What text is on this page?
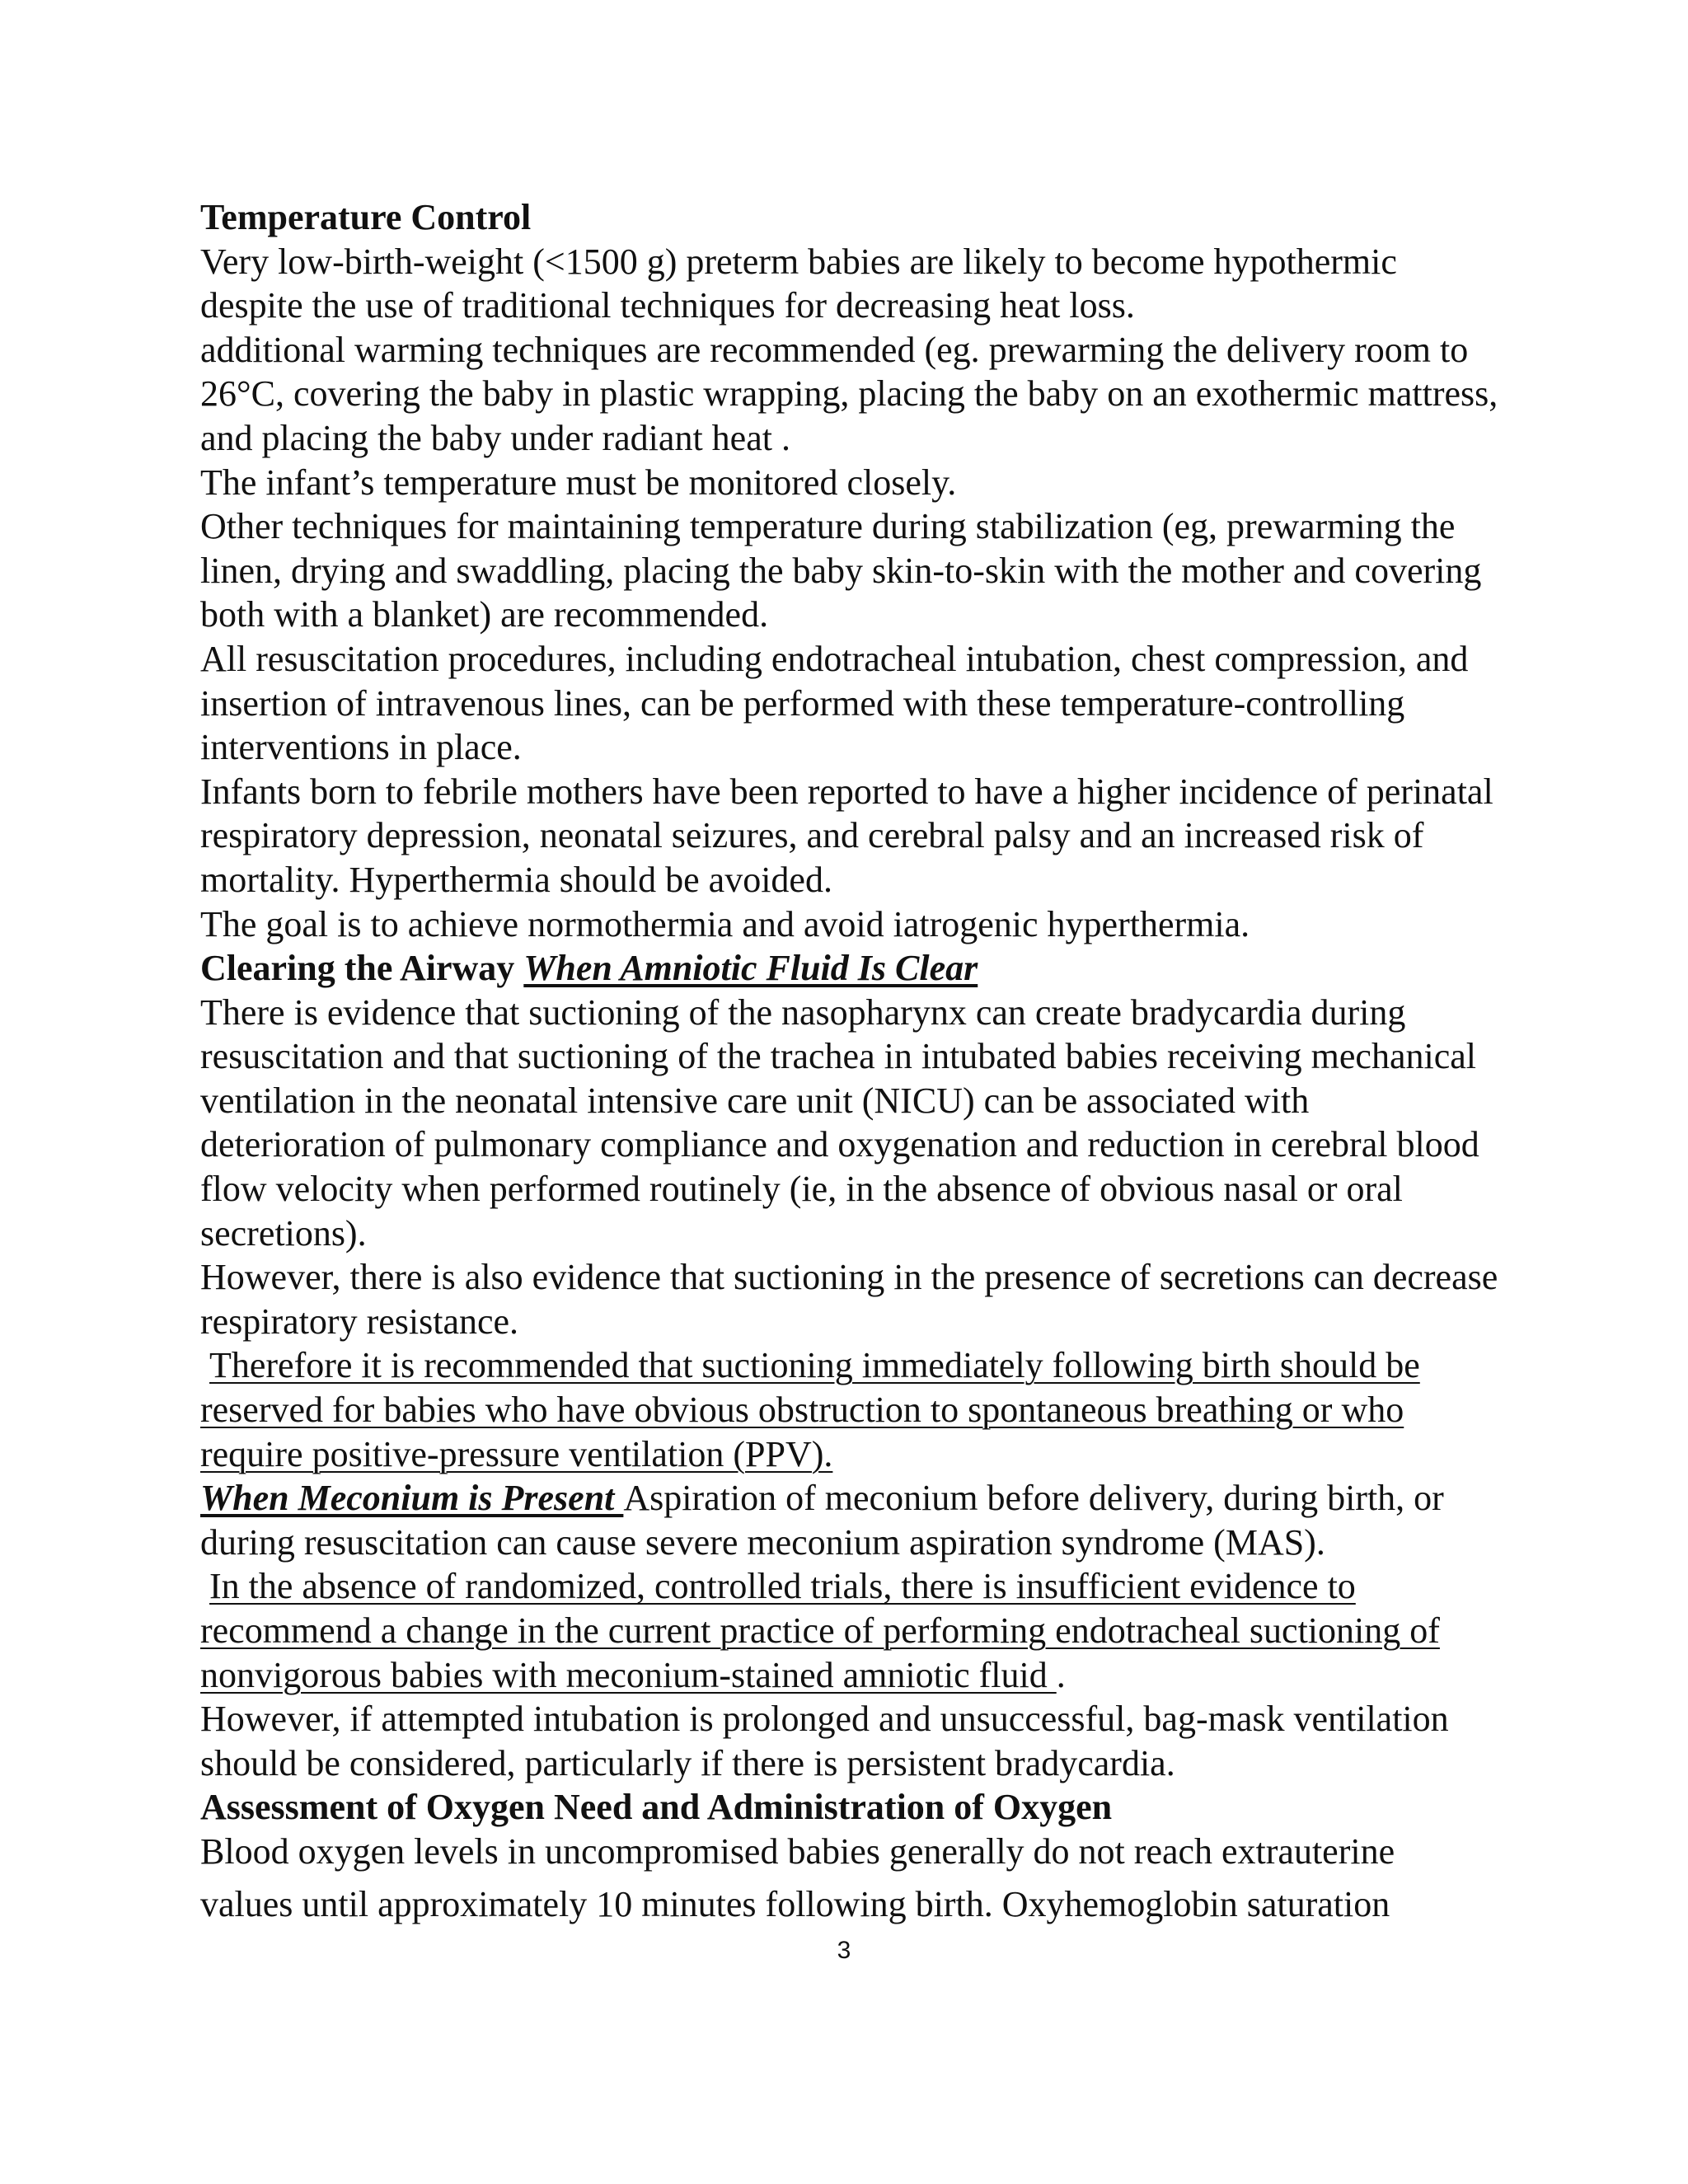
Temperature Control

Very low-birth-weight (<1500 g) preterm babies are likely to become hypothermic despite the use of traditional techniques for decreasing heat loss.

additional warming techniques are recommended (eg. prewarming the delivery room to 26°C, covering the baby in plastic wrapping, placing the baby on an exothermic mattress, and placing the baby under radiant heat .

The infant’s temperature must be monitored closely.

Other techniques for maintaining temperature during stabilization (eg, prewarming the linen, drying and swaddling, placing the baby skin-to-skin with the mother and covering both with a blanket) are recommended.

All resuscitation procedures, including endotracheal intubation, chest compression, and insertion of intravenous lines, can be performed with these temperature-controlling interventions in place.

Infants born to febrile mothers have been reported to have a higher incidence of perinatal respiratory depression, neonatal seizures, and cerebral palsy and an increased risk of mortality. Hyperthermia should be avoided.

The goal is to achieve normothermia and avoid iatrogenic hyperthermia.

Clearing the Airway When Amniotic Fluid Is Clear

There is evidence that suctioning of the nasopharynx can create bradycardia during resuscitation and that suctioning of the trachea in intubated babies receiving mechanical ventilation in the neonatal intensive care unit (NICU) can be associated with deterioration of pulmonary compliance and oxygenation and reduction in cerebral blood flow velocity when performed routinely (ie, in the absence of obvious nasal or oral secretions).

However, there is also evidence that suctioning in the presence of secretions can decrease respiratory resistance.

Therefore it is recommended that suctioning immediately following birth should be reserved for babies who have obvious obstruction to spontaneous breathing or who require positive-pressure ventilation (PPV).

When Meconium is Present Aspiration of meconium before delivery, during birth, or during resuscitation can cause severe meconium aspiration syndrome (MAS).

In the absence of randomized, controlled trials, there is insufficient evidence to recommend a change in the current practice of performing endotracheal suctioning of nonvigorous babies with meconium-stained amniotic fluid .

However, if attempted intubation is prolonged and unsuccessful, bag-mask ventilation should be considered, particularly if there is persistent bradycardia.

Assessment of Oxygen Need and Administration of Oxygen

Blood oxygen levels in uncompromised babies generally do not reach extrauterine

values until approximately 10 minutes following birth. Oxyhemoglobin saturation

3
